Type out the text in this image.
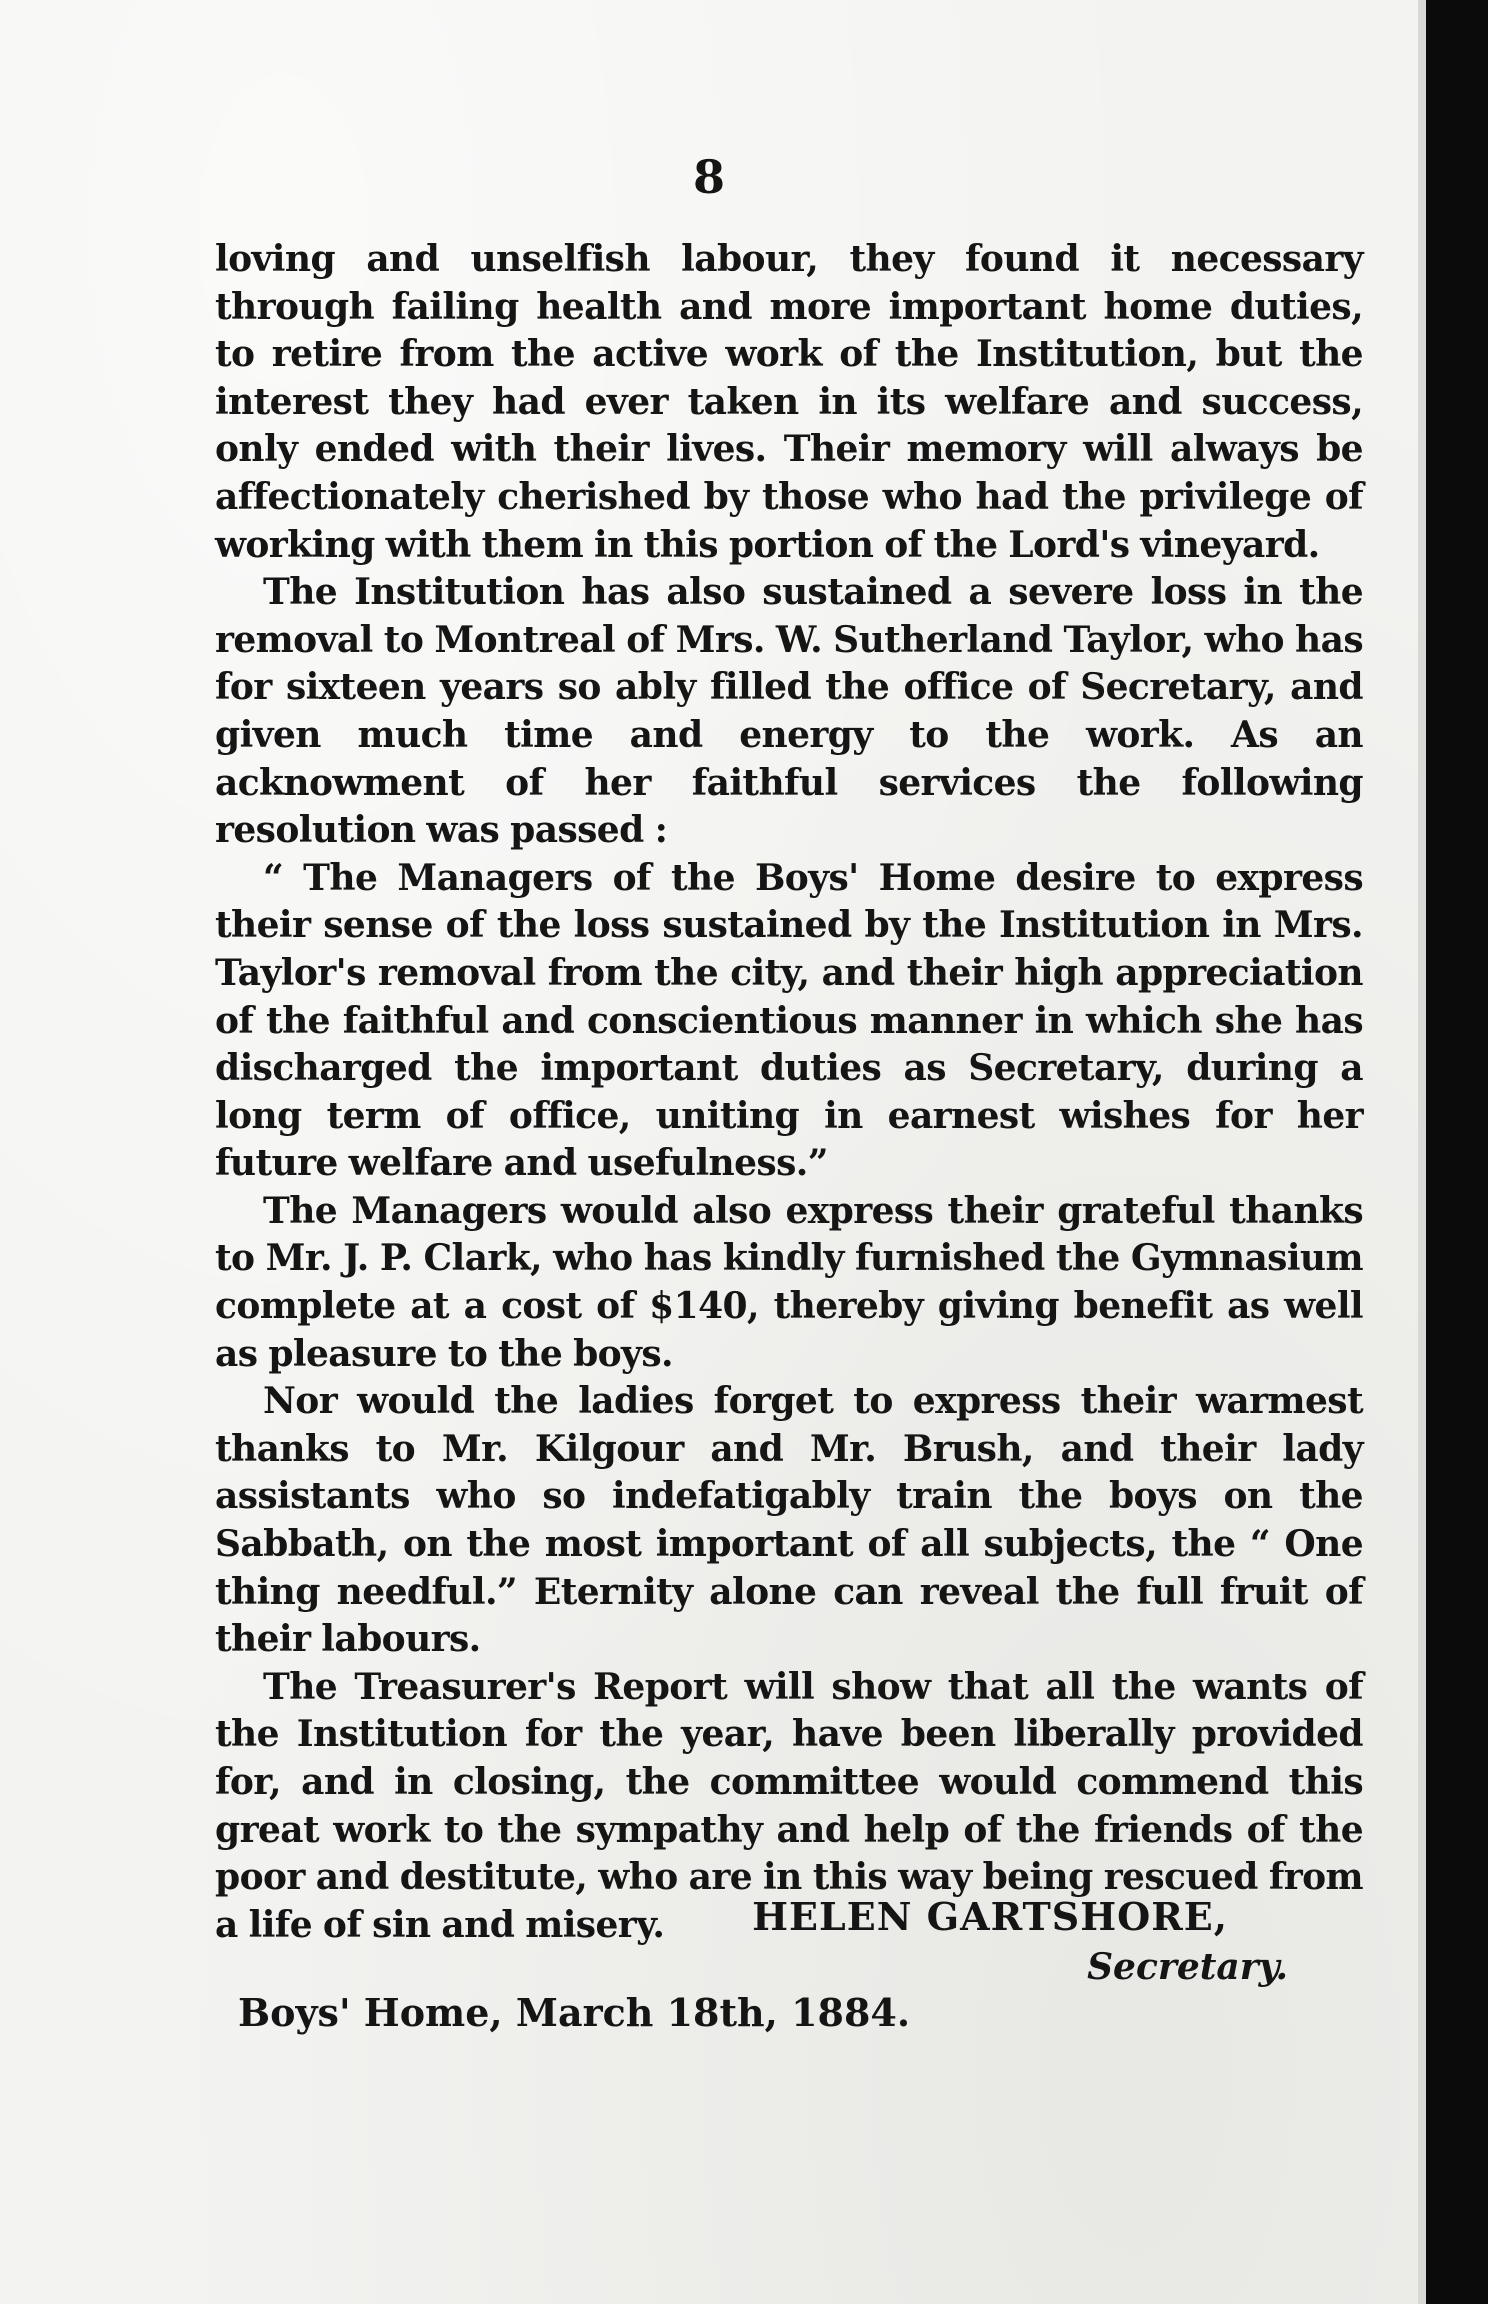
8

loving and unselfish labour, they found it necessary through failing health and more important home duties, to retire from the active work of the Institution, but the interest they had ever taken in its welfare and success, only ended with their lives. Their memory will always be affectionately cherished by those who had the privilege of working with them in this portion of the Lord's vineyard.

The Institution has also sustained a severe loss in the removal to Montreal of Mrs. W. Sutherland Taylor, who has for sixteen years so ably filled the office of Secretary, and given much time and energy to the work. As an acknowment of her faithful services the following resolution was passed :

“ The Managers of the Boys' Home desire to express their sense of the loss sustained by the Institution in Mrs. Taylor's removal from the city, and their high appreciation of the faithful and conscientious manner in which she has discharged the important duties as Secretary, during a long term of office, uniting in earnest wishes for her future welfare and usefulness.”

The Managers would also express their grateful thanks to Mr. J. P. Clark, who has kindly furnished the Gymnasium complete at a cost of $140, thereby giving benefit as well as pleasure to the boys.

Nor would the ladies forget to express their warmest thanks to Mr. Kilgour and Mr. Brush, and their lady assistants who so indefatigably train the boys on the Sabbath, on the most important of all subjects, the “ One thing needful.” Eternity alone can reveal the full fruit of their labours.

The Treasurer's Report will show that all the wants of the Institution for the year, have been liberally provided for, and in closing, the committee would commend this great work to the sympathy and help of the friends of the poor and destitute, who are in this way being rescued from a life of sin and misery.	HELEN GARTSHORE,
Secretary.
Boys' Home, March 18th, 1884.
